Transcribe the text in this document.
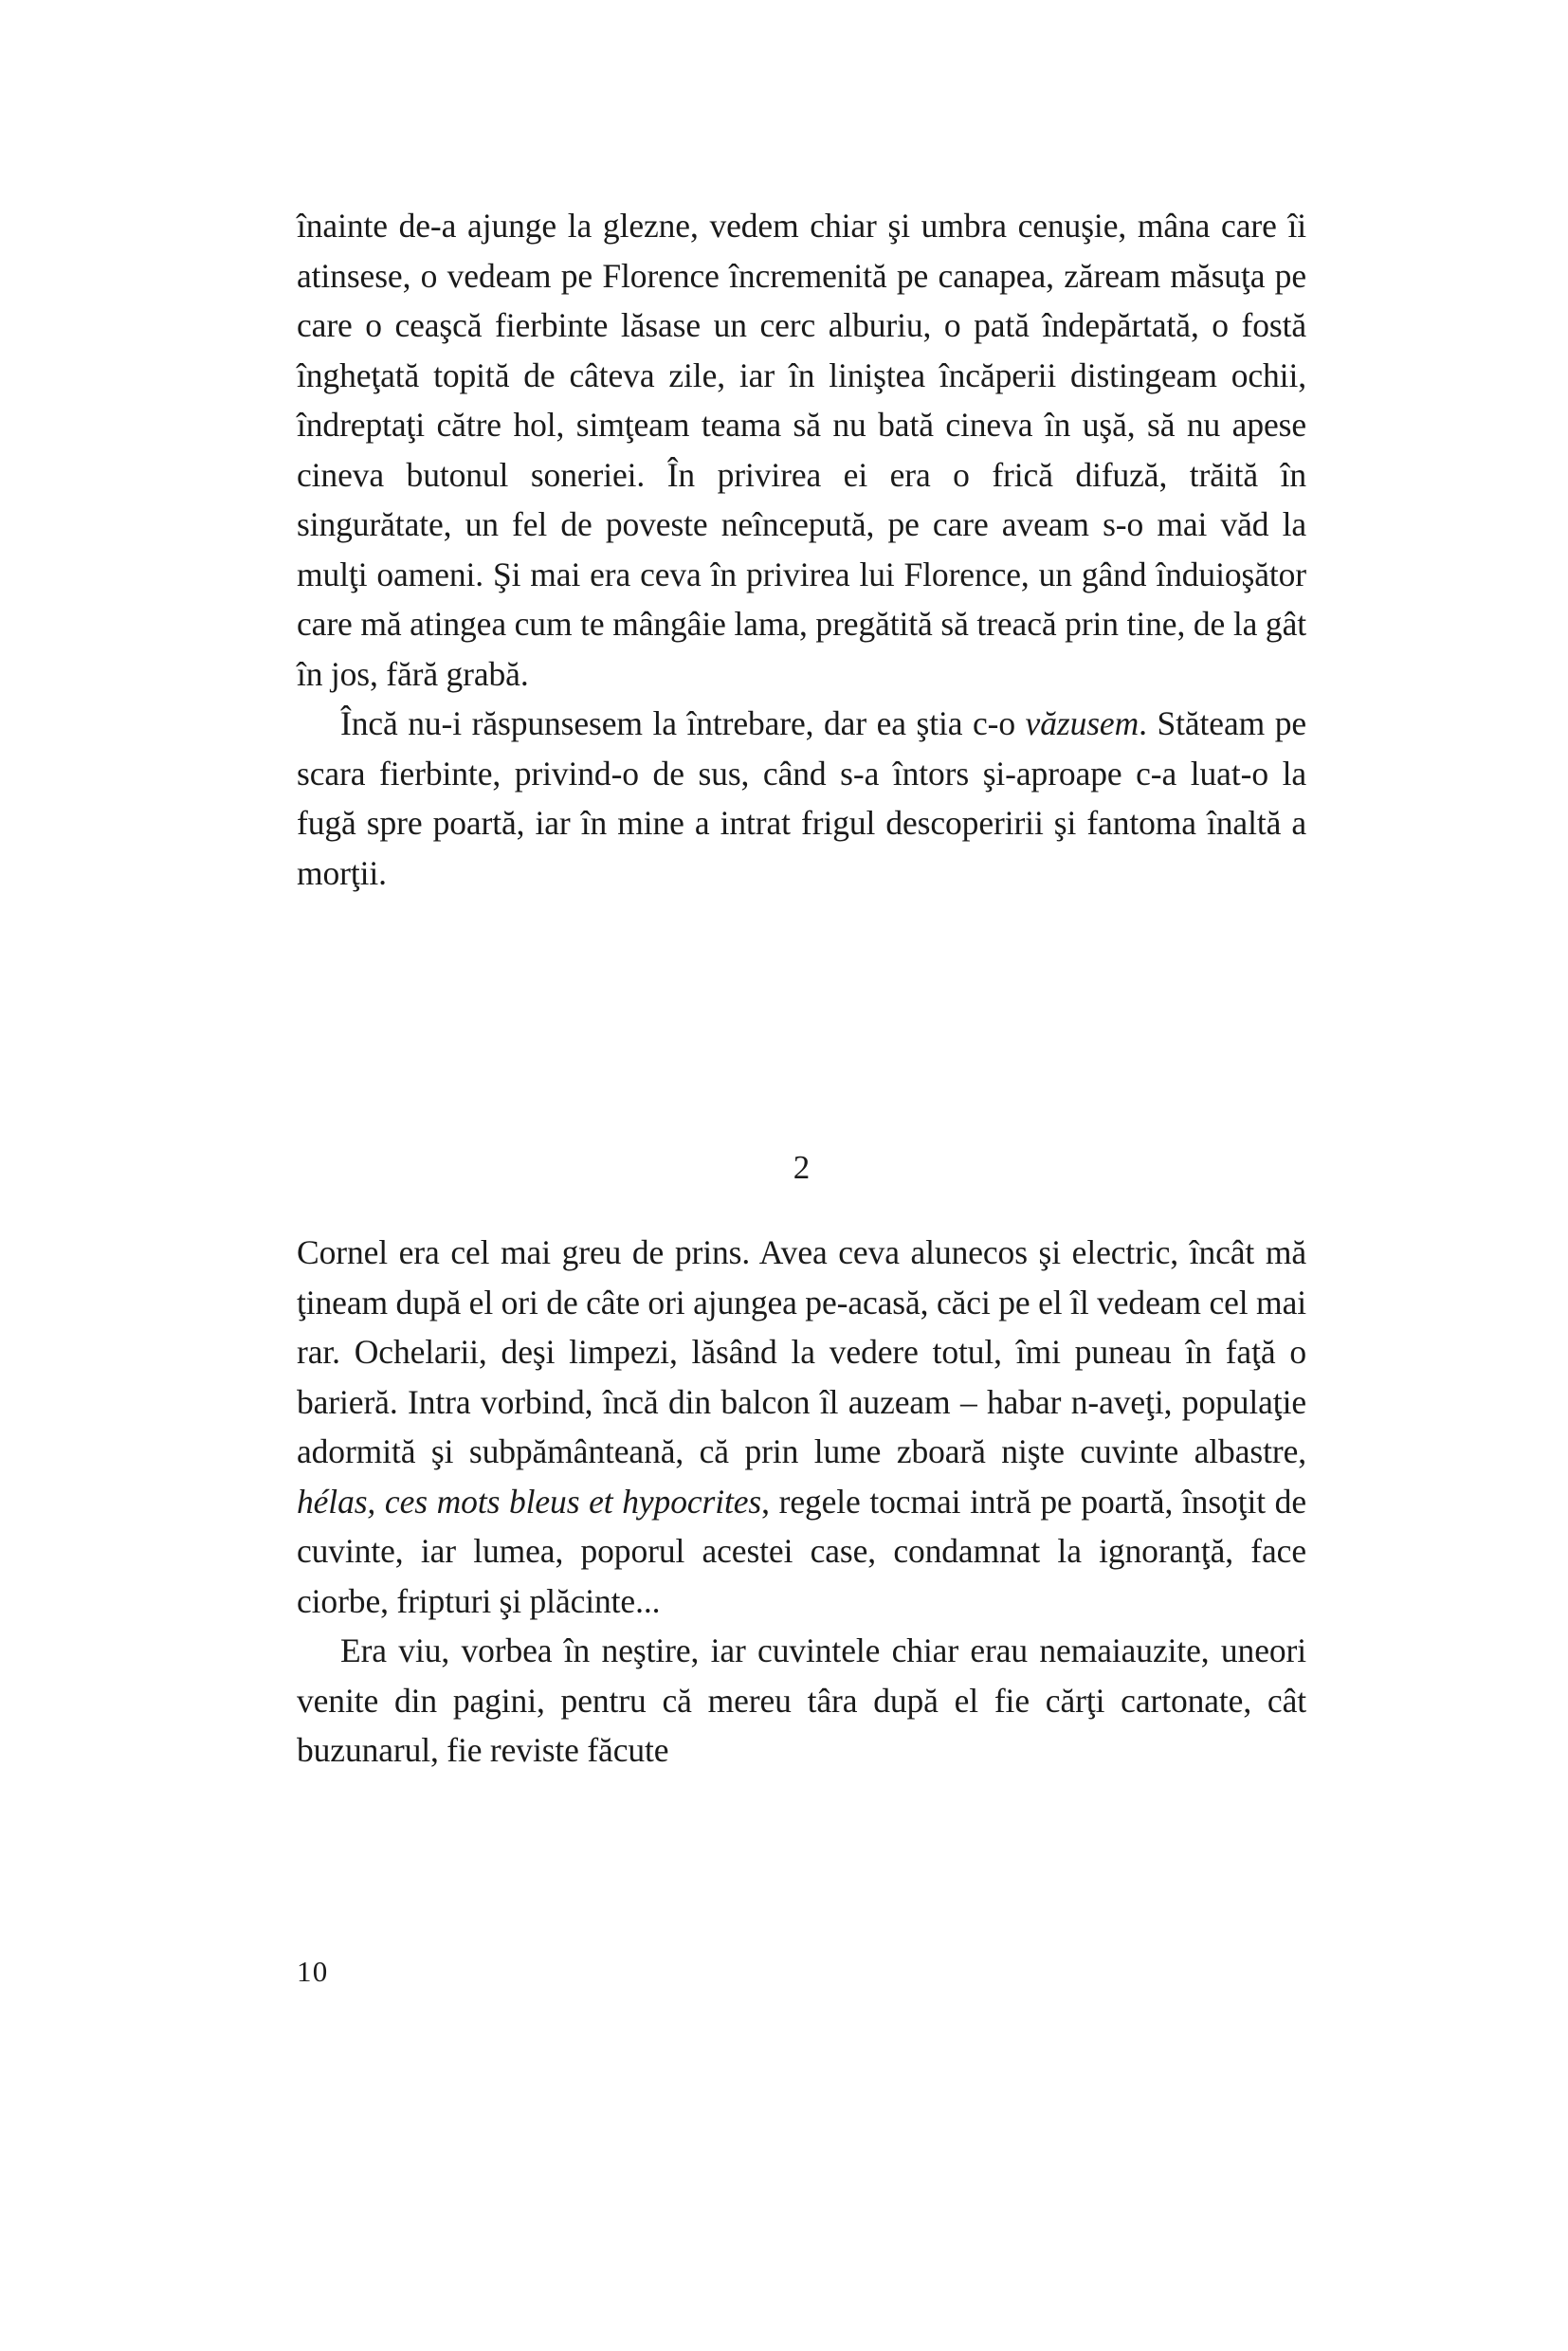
înainte de-a ajunge la glezne, vedem chiar şi umbra cenuşie, mâna care îi atinsese, o vedeam pe Florence încremenită pe canapea, zăream măsuţa pe care o ceaşcă fierbinte lăsase un cerc alburiu, o pată îndepărtată, o fostă îngheţată topită de câteva zile, iar în liniştea încăperii distingeam ochii, îndreptaţi către hol, simţeam teama să nu bată cineva în uşă, să nu apese cineva butonul soneriei. În privirea ei era o frică difuză, trăită în singurătate, un fel de poveste neîncepută, pe care aveam s-o mai văd la mulţi oameni. Şi mai era ceva în privirea lui Florence, un gând înduioşător care mă atingea cum te mângâie lama, pregătită să treacă prin tine, de la gât în jos, fără grabă.

Încă nu-i răspunsesem la întrebare, dar ea ştia c-o văzusem. Stăteam pe scara fierbinte, privind-o de sus, când s-a întors şi-aproape c-a luat-o la fugă spre poartă, iar în mine a intrat frigul descoperirii şi fantoma înaltă a morţii.

2

Cornel era cel mai greu de prins. Avea ceva alunecos şi electric, încât mă ţineam după el ori de câte ori ajungea pe-acasă, căci pe el îl vedeam cel mai rar. Ochelarii, deşi limpezi, lăsând la vedere totul, îmi puneau în faţă o barieră. Intra vorbind, încă din balcon îl auzeam – habar n-aveţi, populaţie adormită şi subpământeană, că prin lume zboară nişte cuvinte albastre, hélas, ces mots bleus et hypocrites, regele tocmai intră pe poartă, însoţit de cuvinte, iar lumea, poporul acestei case, condamnat la ignoranţă, face ciorbe, fripturi şi plăcinte...

Era viu, vorbea în neştire, iar cuvintele chiar erau nemaiauzite, uneori venite din pagini, pentru că mereu târa după el fie cărţi cartonate, cât buzunarul, fie reviste făcute

10
